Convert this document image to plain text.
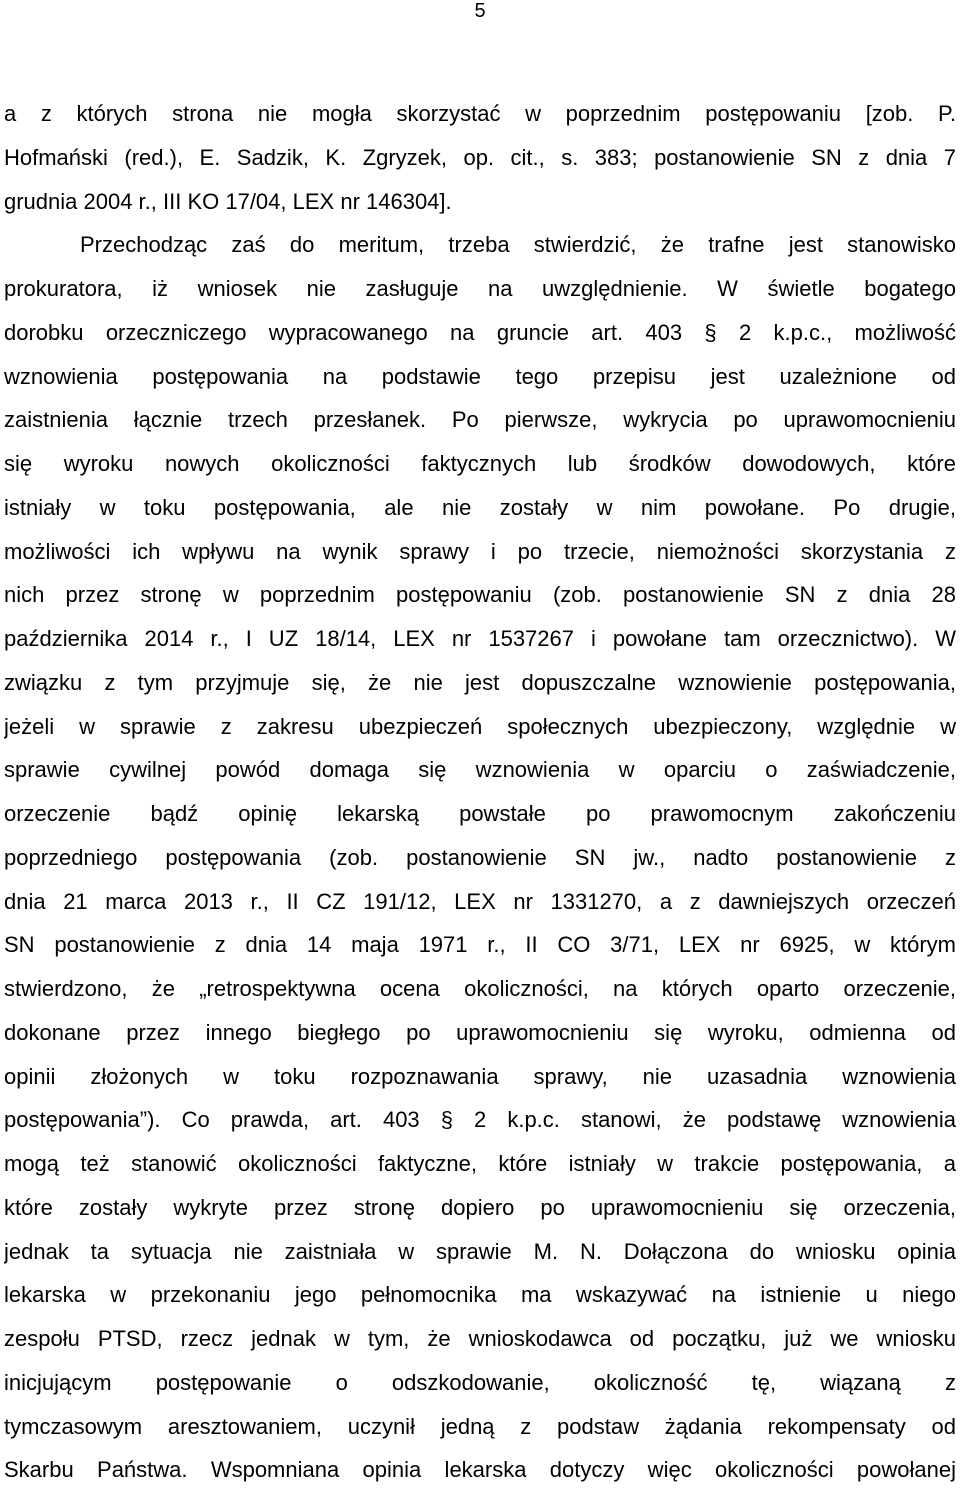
5
a z których strona nie mogła skorzystać w poprzednim postępowaniu [zob. P.
Hofmański (red.), E. Sadzik, K. Zgryzek, op. cit., s. 383; postanowienie SN z dnia 7
grudnia 2004 r., III KO 17/04, LEX nr 146304].
Przechodząc zaś do meritum, trzeba stwierdzić, że trafne jest stanowisko
prokuratora, iż wniosek nie zasługuje na uwzględnienie. W świetle bogatego
dorobku orzeczniczego wypracowanego na gruncie art. 403 § 2 k.p.c., możliwość
wznowienia postępowania na podstawie tego przepisu jest uzależnione od
zaistnienia łącznie trzech przesłanek. Po pierwsze, wykrycia po uprawomocnieniu
się wyroku nowych okoliczności faktycznych lub środków dowodowych, które
istniały w toku postępowania, ale nie zostały w nim powołane. Po drugie,
możliwości ich wpływu na wynik sprawy i po trzecie, niemożności skorzystania z
nich przez stronę w poprzednim postępowaniu (zob. postanowienie SN z dnia 28
października 2014 r., I UZ 18/14, LEX nr 1537267 i powołane tam orzecznictwo). W
związku z tym przyjmuje się, że nie jest dopuszczalne wznowienie postępowania,
jeżeli w sprawie z zakresu ubezpieczeń społecznych ubezpieczony, względnie w
sprawie cywilnej powód domaga się wznowienia w oparciu o zaświadczenie,
orzeczenie bądź opinię lekarską powstałe po prawomocnym zakończeniu
poprzedniego postępowania (zob. postanowienie SN jw., nadto postanowienie z
dnia 21 marca 2013 r., II CZ 191/12, LEX nr 1331270, a z dawniejszych orzeczeń
SN postanowienie z dnia 14 maja 1971 r., II CO 3/71, LEX nr 6925, w którym
stwierdzono, że „retrospektywna ocena okoliczności, na których oparto orzeczenie,
dokonane przez innego biegłego po uprawomocnieniu się wyroku, odmienna od
opinii złożonych w toku rozpoznawania sprawy, nie uzasadnia wznowienia
postępowania”). Co prawda, art. 403 § 2 k.p.c. stanowi, że podstawę wznowienia
mogą też stanowić okoliczności faktyczne, które istniały w trakcie postępowania, a
które zostały wykryte przez stronę dopiero po uprawomocnieniu się orzeczenia,
jednak ta sytuacja nie zaistniała w sprawie M. N. Dołączona do wniosku opinia
lekarska w przekonaniu jego pełnomocnika ma wskazywać na istnienie u niego
zespołu PTSD, rzecz jednak w tym, że wnioskodawca od początku, już we wniosku
inicjującym postępowanie o odszkodowanie, okoliczność tę, wiązaną z
tymczasowym aresztowaniem, uczynił jedną z podstaw żądania rekompensaty od
Skarbu Państwa. Wspomniana opinia lekarska dotyczy więc okoliczności powołanej
